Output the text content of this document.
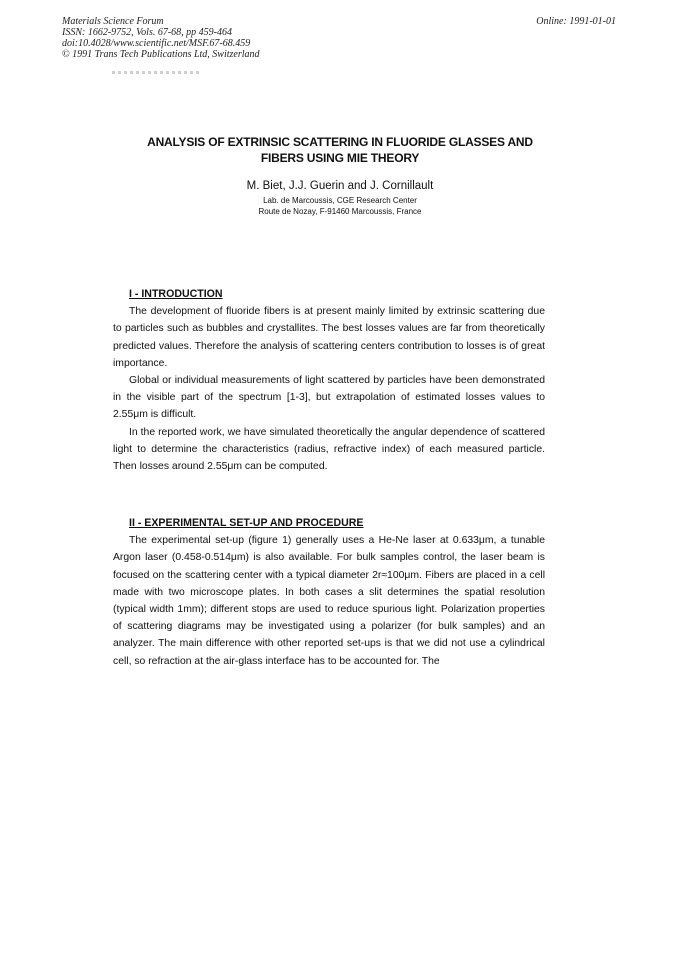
Materials Science Forum
ISSN: 1662-9752, Vols. 67-68, pp 459-464
doi:10.4028/www.scientific.net/MSF.67-68.459
© 1991 Trans Tech Publications Ltd, Switzerland
Online: 1991-01-01
ANALYSIS OF EXTRINSIC SCATTERING IN FLUORIDE GLASSES AND
FIBERS USING MIE THEORY
M. Biet, J.J. Guerin and J. Cornillault
Lab. de Marcoussis, CGE Research Center
Route de Nozay, F-91460 Marcoussis, France

I - INTRODUCTION

The development of fluoride fibers is at present mainly limited by extrinsic scattering due to particles such as bubbles and crystallites. The best losses values are far from theoretically predicted values. Therefore the analysis of scattering centers contribution to losses is of great importance.

Global or individual measurements of light scattered by particles have been demonstrated in the visible part of the spectrum [1-3], but extrapolation of estimated losses values to 2.55μm is difficult.

In the reported work, we have simulated theoretically the angular dependence of scattered light to determine the characteristics (radius, refractive index) of each measured particle. Then losses around 2.55μm can be computed.

II - EXPERIMENTAL SET-UP AND PROCEDURE

The experimental set-up (figure 1) generally uses a He-Ne laser at 0.633μm, a tunable Argon laser (0.458-0.514μm) is also available. For bulk samples control, the laser beam is focused on the scattering center with a typical diameter 2r≈100μm. Fibers are placed in a cell made with two microscope plates. In both cases a slit determines the spatial resolution (typical width 1mm); different stops are used to reduce spurious light. Polarization properties of scattering diagrams may be investigated using a polarizer (for bulk samples) and an analyzer. The main difference with other reported set-ups is that we did not use a cylindrical cell, so refraction at the air-glass interface has to be accounted for. The
